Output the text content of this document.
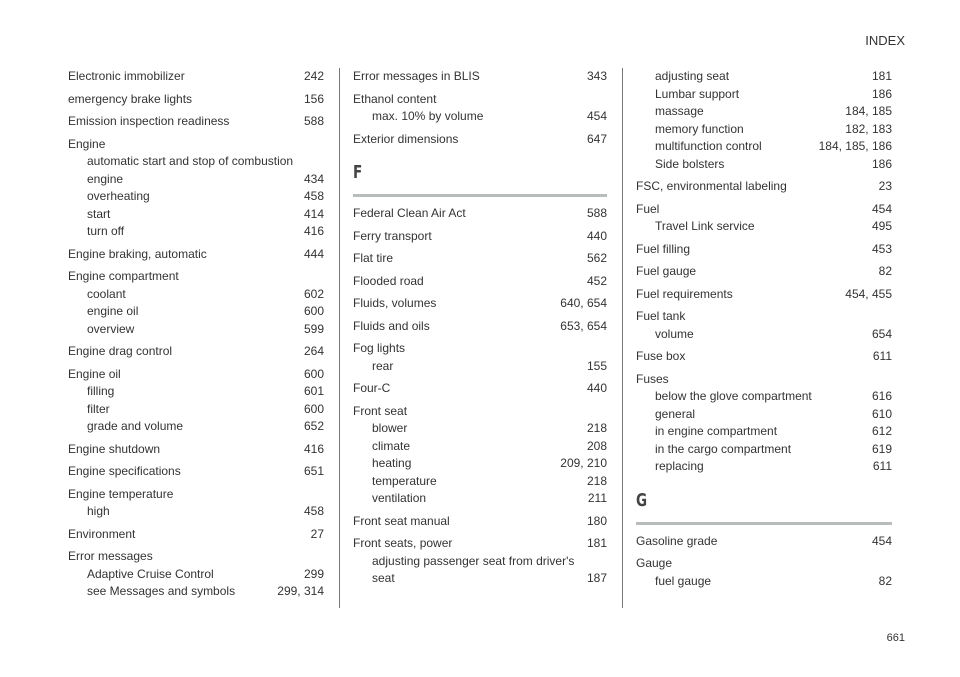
INDEX
Electronic immobilizer	242
emergency brake lights	156
Emission inspection readiness	588
Engine
automatic start and stop of combustion
engine	434
overheating	458
start	414
turn off	416
Engine braking, automatic	444
Engine compartment
coolant	602
engine oil	600
overview	599
Engine drag control	264
Engine oil	600
filling	601
filter	600
grade and volume	652
Engine shutdown	416
Engine specifications	651
Engine temperature
high	458
Environment	27
Error messages
Adaptive Cruise Control	299
see Messages and symbols	299, 314
Error messages in BLIS	343
Ethanol content
max. 10% by volume	454
Exterior dimensions	647
F
Federal Clean Air Act	588
Ferry transport	440
Flat tire	562
Flooded road	452
Fluids, volumes	640, 654
Fluids and oils	653, 654
Fog lights
rear	155
Four-C	440
Front seat
blower	218
climate	208
heating	209, 210
temperature	218
ventilation	211
Front seat manual	180
Front seats, power	181
adjusting passenger seat from driver's
seat	187
adjusting seat	181
Lumbar support	186
massage	184, 185
memory function	182, 183
multifunction control	184, 185, 186
Side bolsters	186
FSC, environmental labeling	23
Fuel	454
Travel Link service	495
Fuel filling	453
Fuel gauge	82
Fuel requirements	454, 455
Fuel tank
volume	654
Fuse box	611
Fuses
below the glove compartment	616
general	610
in engine compartment	612
in the cargo compartment	619
replacing	611
G
Gasoline grade	454
Gauge
fuel gauge	82
661
